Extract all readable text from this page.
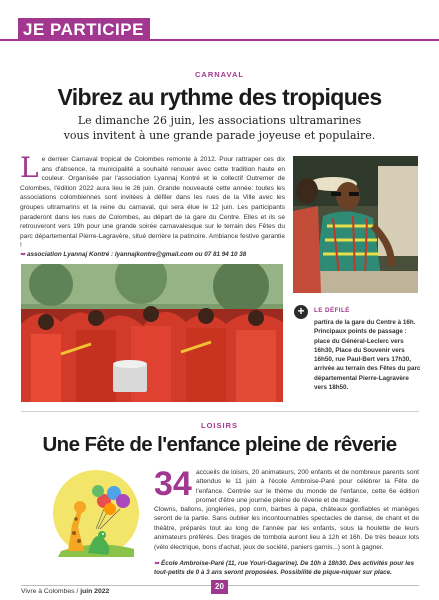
JE PARTICIPE
CARNAVAL
Vibrez au rythme des tropiques
Le dimanche 26 juin, les associations ultramarines
vous invitent à une grande parade joyeuse et populaire.
Le dernier Carnaval tropical de Colombes remonte à 2012. Pour rattraper ces dix ans d'absence, la municipalité a souhaité renouer avec cette tradition haute en couleur. Organisée par l'association Lyannaj Kontré et le collectif Outremer de Colombes, l'édition 2022 aura lieu le 26 juin. Grande nouveauté cette année: toutes les associations colombiennes sont invitées à défiler dans les rues de la Ville avec les groupes ultramarins et la reine du carnaval, qui sera élue le 12 juin. Les participants paraderont dans les rues de Colombes, au départ de la gare du Centre. Elles et ils se retrouveront vers 19h pour une grande soirée carnavalesque sur le terrain des Fêtes du parc départemental Pierre-Lagravère, situé derrière la patinoire. Ambiance festive garantie !
➥ association Lyannaj Kontré : lyannajkontre@gmail.com ou 07 81 94 10 38
+	LE DÉFILÉ
partira de la gare du Centre à 16h. Principaux points de passage : place du Général-Leclerc vers 16h30, Place du Souvenir vers 16h50, rue Paul-Bert vers 17h30, arrivée au terrain des Fêtes du parc départemental Pierre-Lagravère vers 18h50.
LOISIRS
Une Fête de l'enfance pleine de rêverie
34 accueils de loisirs, 20 animateurs, 200 enfants et de nombreux parents sont attendus le 11 juin à l'école Ambroise-Paré pour célébrer la Fête de l'enfance. Centrée sur le thème du monde de l'enfance, cette 6e édition promet d'être une journée pleine de rêverie et de magie.
Clowns, ballons, jongleries, pop corn, barbes à papa, châteaux gonflables et manèges seront de la partie. Sans oublier les incontournables spectacles de danse, de chant et de théâtre, préparés tout au long de l'année par les enfants, sous la houlette de leurs animateurs préférés. Des tirages de tombola auront lieu à 12h et 16h. De très beaux lots (vélo électrique, bons d'achat, jeux de société, paniers garnis...) sont à gagner.
➥ École Ambroise-Paré (11, rue Youri-Gagarine). De 10h à 18h30. Des activités pour les tout-petits de 0 à 3 ans seront proposées. Possibilité de pique-niquer sur place.
Vivre à Colombes / juin 2022
20
